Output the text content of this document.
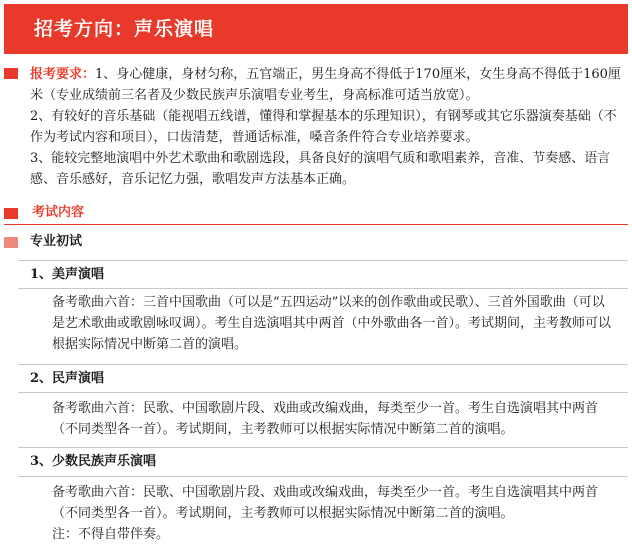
招考方向：声乐演唱

报考要求：1、身心健康，身材匀称，五官端正，男生身高不得低于170厘米，女生身高不得低于160厘米（专业成绩前三名者及少数民族声乐演唱专业考生，身高标准可适当放宽）。

2、有较好的音乐基础（能视唱五线谱，懂得和掌握基本的乐理知识），有钢琴或其它乐器演奏基础（不作为考试内容和项目），口齿清楚，普通话标准，嗓音条件符合专业培养要求。

3、能较完整地演唱中外艺术歌曲和歌剧选段，具备良好的演唱气质和歌唱素养，音准、节奏感、语言感、音乐感好，音乐记忆力强，歌唱发声方法基本正确。

考试内容
专业初试
1、美声演唱

备考歌曲六首：三首中国歌曲（可以是“五四运动”以来的创作歌曲或民歌）、三首外国歌曲（可以是艺术歌曲或歌剧咏叹调）。考生自选演唱其中两首（中外歌曲各一首）。考试期间，主考教师可以根据实际情况中断第二首的演唱。

2、民声演唱

备考歌曲六首：民歌、中国歌剧片段、戏曲或改编戏曲，每类至少一首。考生自选演唱其中两首（不同类型各一首）。考试期间，主考教师可以根据实际情况中断第二首的演唱。

3、少数民族声乐演唱

备考歌曲六首：民歌、中国歌剧片段、戏曲或改编戏曲，每类至少一首。考生自选演唱其中两首（不同类型各一首）。考试期间，主考教师可以根据实际情况中断第二首的演唱。

注：不得自带伴奏。
